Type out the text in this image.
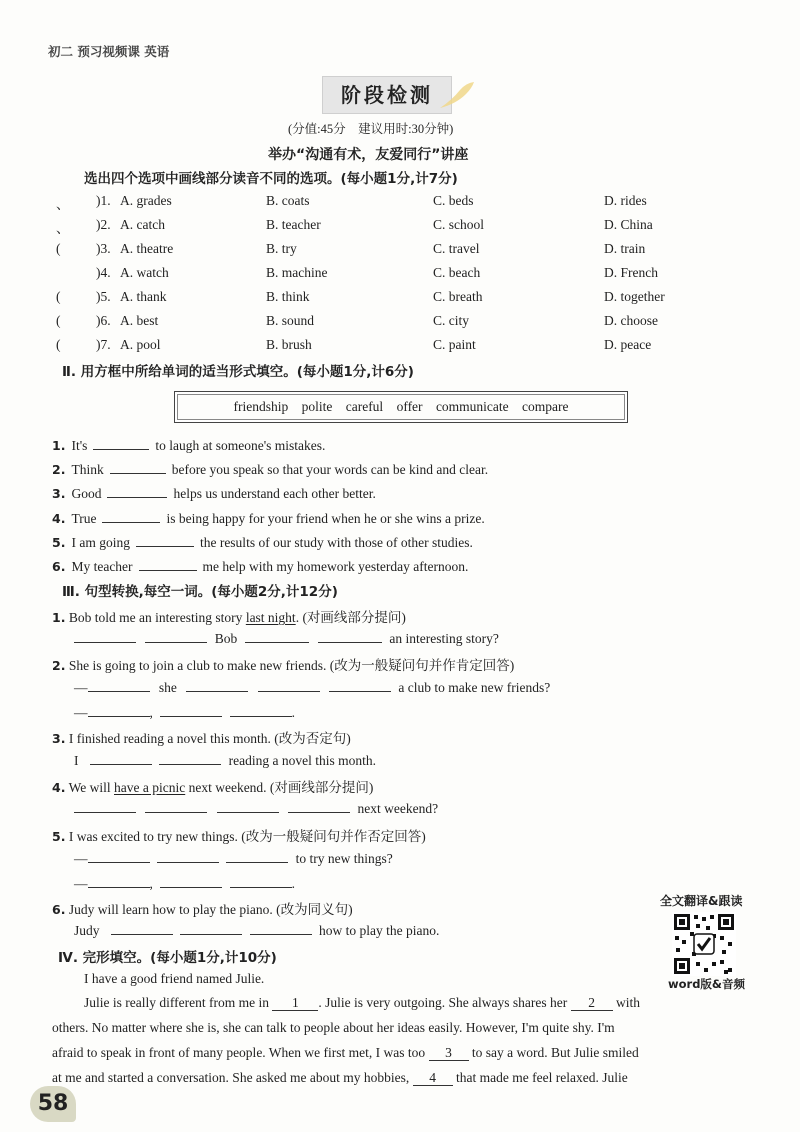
初二 预习视频课 英语
阶段检测
(分值:45分　建议用时:30分钟)
举办“沟通有术，友爱同行”讲座
选出四个选项中画线部分读音不同的选项。(每小题1分,计7分)
、 )1. A. grades	B. coats	C. beds	D. rides
、 )2. A. catch	B. teacher	C. school	D. China
(	)3. A. theatre	B. try	C. travel	D. train
)4. A. watch	B. machine	C. beach	D. French
(	)5. A. thank	B. think	C. breath	D. together
(	)6. A. best	B. sound	C. city	D. choose
(	)7. A. pool	B. brush	C. paint	D. peace
Ⅱ. 用方框中所给单词的适当形式填空。(每小题1分,计6分)
friendship polite careful offer communicate compare
1. It's	to laugh at someone's mistakes.
2. Think	before you speak so that your words can be kind and clear.
3. Good	helps us understand each other better.
4. True	is being happy for your friend when he or she wins a prize.
5. I am going	the results of our study with those of other studies.
6. My teacher	me help with my homework yesterday afternoon.
Ⅲ. 句型转换,每空一词。(每小题2分,计12分)
1. Bob told me an interesting story last night. (对画线部分提问)
Bob	an interesting story?
2. She is going to join a club to make new friends. (改为一般疑问句并作肯定回答)
—	she	a club to make new friends?
—	,	.
3. I finished reading a novel this month. (改为否定句)
I	reading a novel this month.
4. We will have a picnic next weekend. (对画线部分提问)
next weekend?
5. I was excited to try new things. (改为一般疑问句并作否定回答)
—	to try new things?
—	,	.
6. Judy will learn how to play the piano. (改为同义句)
Judy	how to play the piano.
全文翻译&跟读
word版&音频
Ⅳ. 完形填空。(每小题1分,计10分)
I have a good friend named Julie.
Julie is really different from me in 1 . Julie is very outgoing. She always shares her 2 with
others. No matter where she is, she can talk to people about her ideas easily. However, I'm quite shy. I'm
afraid to speak in front of many people. When we first met, I was too 3 to say a word. But Julie smiled
at me and started a conversation. She asked me about my hobbies, 4 that made me feel relaxed. Julie
58
